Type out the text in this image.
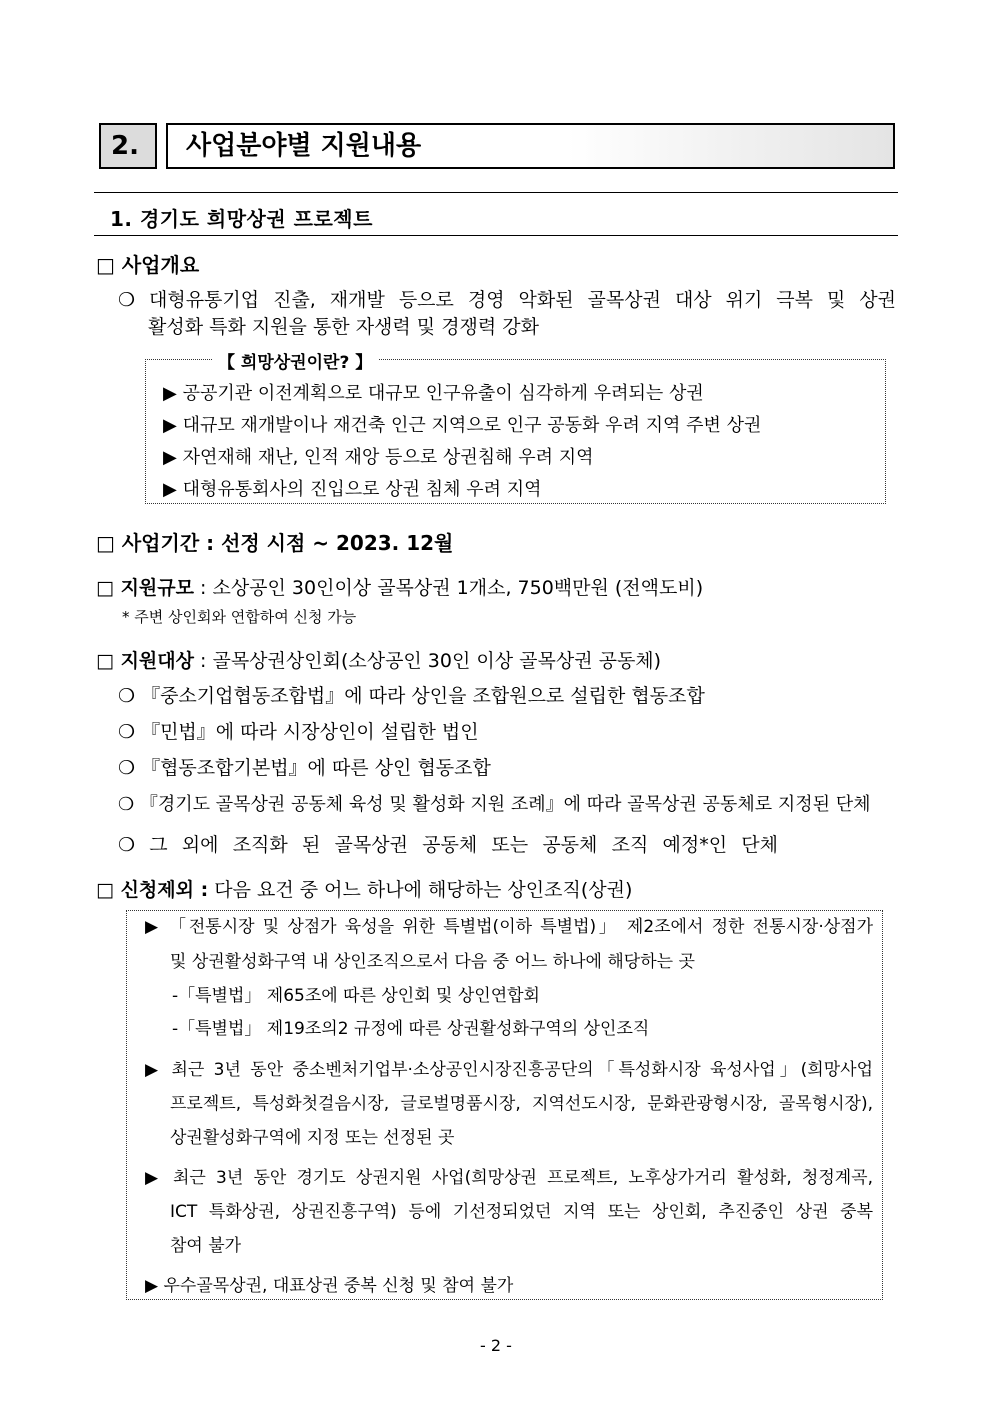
2.	사업분야별 지원내용
1. 경기도 희망상권 프로젝트
□ 사업개요
❍ 대형유통기업 진출, 재개발 등으로 경영 악화된 골목상권 대상 위기 극복 및 상권
활성화 특화 지원을 통한 자생력 및 경쟁력 강화
【 희망상권이란? 】
▶ 공공기관 이전계획으로 대규모 인구유출이 심각하게 우려되는 상권
▶ 대규모 재개발이나 재건축 인근 지역으로 인구 공동화 우려 지역 주변 상권
▶ 자연재해 재난, 인적 재앙 등으로 상권침해 우려 지역
▶ 대형유통회사의 진입으로 상권 침체 우려 지역
□ 사업기간 : 선정 시점 ~ 2023. 12월
□ 지원규모 : 소상공인 30인이상 골목상권 1개소, 750백만원 (전액도비)
* 주변 상인회와 연합하여 신청 가능
□ 지원대상 : 골목상권상인회(소상공인 30인 이상 골목상권 공동체)
❍ 『중소기업협동조합법』에 따라 상인을 조합원으로 설립한 협동조합
❍ 『민법』에 따라 시장상인이 설립한 법인
❍ 『협동조합기본법』에 따른 상인 협동조합
❍ 『경기도 골목상권 공동체 육성 및 활성화 지원 조례』에 따라 골목상권 공동체로 지정된 단체
❍ 그 외에 조직화 된 골목상권 공동체 또는 공동체 조직 예정*인 단체
□ 신청제외 : 다음 요건 중 어느 하나에 해당하는 상인조직(상권)
▶ 「전통시장 및 상점가 육성을 위한 특별법(이하 특별법)」 제2조에서 정한 전통시장·상점가
및 상권활성화구역 내 상인조직으로서 다음 중 어느 하나에 해당하는 곳
-「특별법」 제65조에 따른 상인회 및 상인연합회
-「특별법」 제19조의2 규정에 따른 상권활성화구역의 상인조직
▶ 최근 3년 동안 중소벤처기업부·소상공인시장진흥공단의「특성화시장 육성사업」(희망사업
프로젝트, 특성화첫걸음시장, 글로벌명품시장, 지역선도시장, 문화관광형시장, 골목형시장),
상권활성화구역에 지정 또는 선정된 곳
▶ 최근 3년 동안 경기도 상권지원 사업(희망상권 프로젝트, 노후상가거리 활성화, 청정계곡,
ICT 특화상권, 상권진흥구역) 등에 기선정되었던 지역 또는 상인회, 추진중인 상권 중복
참여 불가
▶ 우수골목상권, 대표상권 중복 신청 및 참여 불가
- 2 -
